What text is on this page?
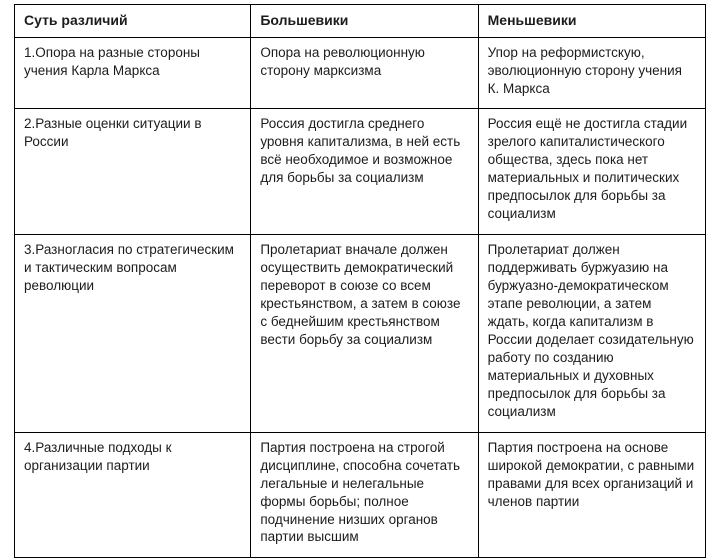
Суть различий	Большевики	Меньшевики
1.Опора на разные стороны учения Карла Маркса	Опора на революционную сторону марксизма	Упор на реформистскую, эволюционную сторону учения К. Маркса
2.Разные оценки ситуации в России	Россия достигла среднего уровня капитализма, в ней есть всё необходимое и возможное для борьбы за социализм	Россия ещё не достигла стадии зрелого капиталистического общества, здесь пока нет материальных и политических предпосылок для борьбы за социализм
3.Разногласия по стратегическим и тактическим вопросам революции	Пролетариат вначале должен осуществить демократический переворот в союзе со всем крестьянством, а затем в союзе с беднейшим крестьянством вести борьбу за социализм	Пролетариат должен поддерживать буржуазию на буржуазно-демократическом этапе революции, а затем ждать, когда капитализм в России доделает созидательную работу по созданию материальных и духовных предпосылок для борьбы за социализм
4.Различные подходы к организации партии	Партия построена на строгой дисциплине, способна сочетать легальные и нелегальные формы борьбы; полное подчинение низших органов партии высшим	Партия построена на основе широкой демократии, с равными правами для всех организаций и членов партии
